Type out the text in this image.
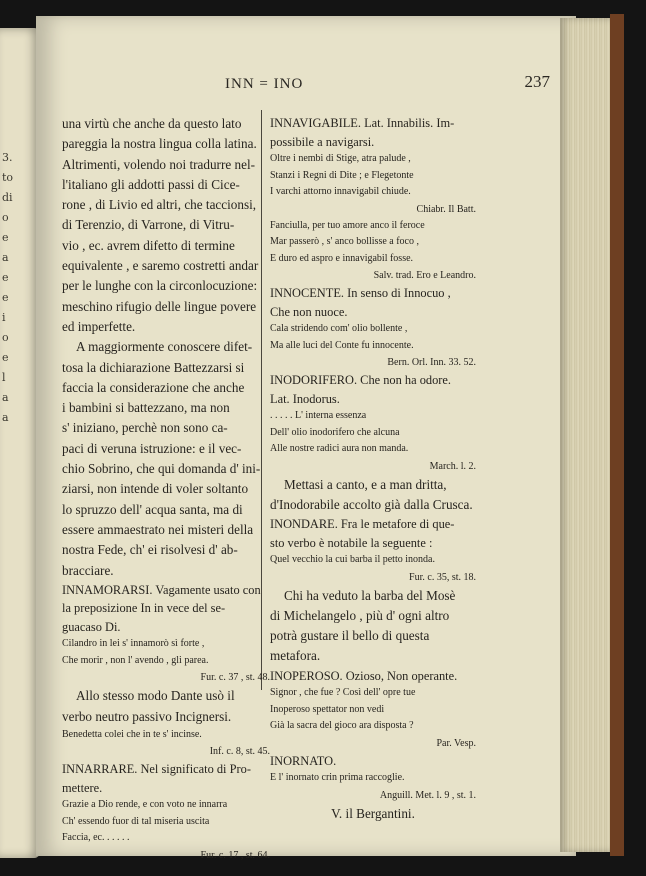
3.
to
di
o
e
a
e
e
i
o
e
l
a
a
INN = INO	237
una virtù che anche da questo lato
pareggia la nostra lingua colla latina.
Altrimenti, volendo noi tradurre nel-
l'italiano gli addotti passi di Cice-
rone , di Livio ed altri, che taccionsi,
di Terenzio, di Varrone, di Vitru-
vio , ec. avrem difetto di termine
equivalente , e saremo costretti andar
per le lunghe con la circonlocuzione:
meschino rifugio delle lingue povere
ed imperfette.
A maggiormente conoscere difet-
tosa la dichiarazione Battezzarsi si
faccia la considerazione che anche
i bambini si battezzano, ma non
s' iniziano, perchè non sono ca-
paci di veruna istruzione: e il vec-
chio Sobrino, che qui domanda d' ini-
ziarsi, non intende di voler soltanto
lo spruzzo dell' acqua santa, ma di
essere ammaestrato nei misteri della
nostra Fede, ch' ei risolvesi d' ab-
bracciare.
INNAMORARSI. Vagamente usato con
la preposizione In in vece del se-
guacaso Di.
Cilandro in lei s' innamorò sì forte ,
Che morir , non l' avendo , gli parea.
Fur. c. 37 , st. 48.
Allo stesso modo Dante usò il
verbo neutro passivo Incignersi.
Benedetta colei che in te s' incinse.
Inf. c. 8, st. 45.
INNARRARE. Nel significato di Pro-
mettere.
Grazie a Dio rende, e con voto ne innarra
Ch' essendo fuor di tal miseria uscita
Faccia, ec. . . . . .
Fur. c. 17 , st. 64.
INNAVIGABILE. Lat. Innabilis. Im-
possibile a navigarsi.
Oltre i nembi di Stige, atra palude ,
Stanzi i Regni di Dite ; e Flegetonte
I varchi attorno innavigabil chiude.
Chiabr. Il Batt.
Fanciulla, per tuo amore anco il feroce
Mar passerò , s' anco bollisse a foco ,
E duro ed aspro e innavigabil fosse.
Salv. trad. Ero e Leandro.
INNOCENTE. In senso di Innocuo ,
Che non nuoce.
Cala stridendo com' olio bollente ,
Ma alle luci del Conte fu innocente.
Bern. Orl. Inn. 33. 52.
INODORIFERO. Che non ha odore.
Lat. Inodorus.
. . . . . L' interna essenza
Dell' olio inodorifero che alcuna
Alle nostre radici aura non manda.
March. l. 2.
Mettasi a canto, e a man dritta,
d'Inodorabile accolto già dalla Crusca.
INONDARE. Fra le metafore di que-
sto verbo è notabile la seguente :
Quel vecchio la cui barba il petto inonda.
Fur. c. 35, st. 18.
Chi ha veduto la barba del Mosè
di Michelangelo , più d' ogni altro
potrà gustare il bello di questa
metafora.
INOPEROSO. Ozioso, Non operante.
Signor , che fue ? Così dell' opre tue
Inoperoso spettator non vedi
Già la sacra del gioco ara disposta ?
Par. Vesp.
INORNATO.
E l' inornato crin prima raccoglie.
Anguill. Met. l. 9 , st. 1.
V. il Bergantini.
